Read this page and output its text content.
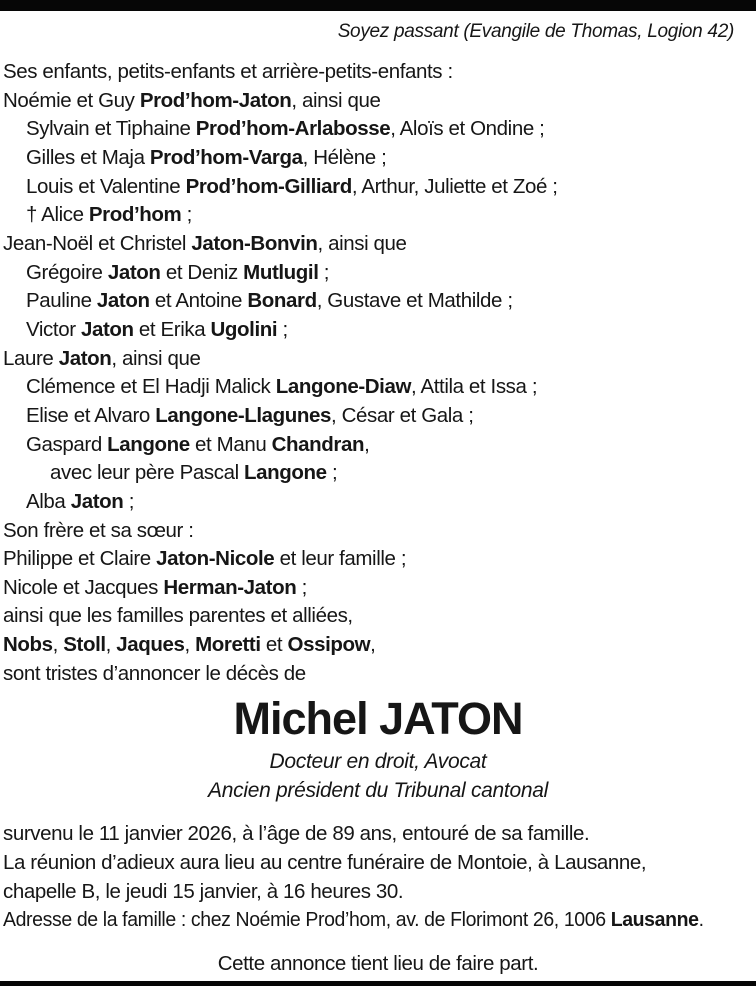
Soyez passant (Evangile de Thomas, Logion 42)
Ses enfants, petits-enfants et arrière-petits-enfants :
Noémie et Guy Prod’hom-Jaton, ainsi que
Sylvain et Tiphaine Prod’hom-Arlabosse, Aloïs et Ondine ;
Gilles et Maja Prod’hom-Varga, Hélène ;
Louis et Valentine Prod’hom-Gilliard, Arthur, Juliette et Zoé ;
† Alice Prod’hom ;
Jean-Noël et Christel Jaton-Bonvin, ainsi que
Grégoire Jaton et Deniz Mutlugil ;
Pauline Jaton et Antoine Bonard, Gustave et Mathilde ;
Victor Jaton et Erika Ugolini ;
Laure Jaton, ainsi que
Clémence et El Hadji Malick Langone-Diaw, Attila et Issa ;
Elise et Alvaro Langone-Llagunes, César et Gala ;
Gaspard Langone et Manu Chandran,
avec leur père Pascal Langone ;
Alba Jaton ;
Son frère et sa sœur :
Philippe et Claire Jaton-Nicole et leur famille ;
Nicole et Jacques Herman-Jaton ;
ainsi que les familles parentes et alliées,
Nobs, Stoll, Jaques, Moretti et Ossipow,
sont tristes d’annoncer le décès de
Michel JATON
Docteur en droit, Avocat
Ancien président du Tribunal cantonal
survenu le 11 janvier 2026, à l’âge de 89 ans, entouré de sa famille.
La réunion d’adieux aura lieu au centre funéraire de Montoie, à Lausanne,
chapelle B, le jeudi 15 janvier, à 16 heures 30.
Adresse de la famille : chez Noémie Prod’hom, av. de Florimont 26, 1006 Lausanne.
Cette annonce tient lieu de faire part.
